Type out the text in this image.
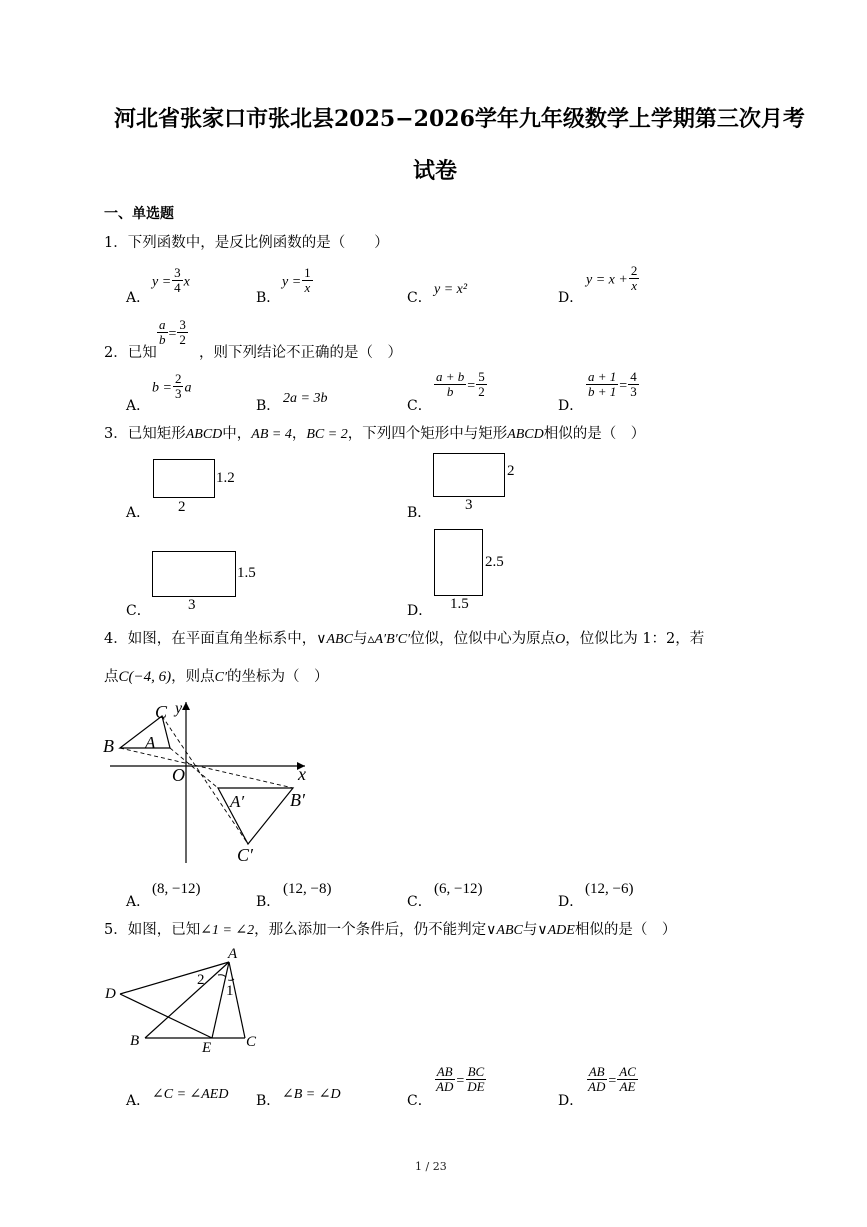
河北省张家口市张北县2025−2026学年九年级数学上学期第三次月考
试卷
一、单选题
1．下列函数中，是反比例函数的是（　　）
A．
$y = \frac{3}{4}$ x
B．
$y = \frac{1}{x}$
C．
y = x²
D．
$y = x + \frac{2}{x}$
2．已知
$\frac{a}{b} = \frac{3}{2}$
，则下列结论不正确的是（　）
A．
$b = \frac{2}{3}$ a
B． 2a = 3b	C．
$\frac{a + b}{b} = \frac{5}{2}$
D．
$\frac{a + 1}{b + 1} = \frac{4}{3}$
3．已知矩形ABCD中，AB = 4，BC = 2，下列四个矩形中与矩形ABCD相似的是（　）
A．
1.2
2	B．
2
3
C．
1.5
3	D．
2.5
1.5
4．如图，在平面直角坐标系中，∨ABC与▵A′B′C′位似，位似中心为原点O，位似比为 1：2，若
点C(−4, 6)，则点C′的坐标为（　）
C y
B A
O	x
A′	B′
C′
A．
(8, −12)
B．
(12, −8)
C．
(6, −12)
D．
(12, −6)
5．如图，已知∠1 = ∠2，那么添加一个条件后，仍不能判定∨ABC与∨ADE相似的是（　）
A
D
B	E C
2
1
A． ∠C = ∠AED B． ∠B = ∠D	C．
$\frac{AB}{AD} = \frac{BC}{DE}$
D．
$\frac{AB}{AD} = \frac{AC}{AE}$
1 / 23
